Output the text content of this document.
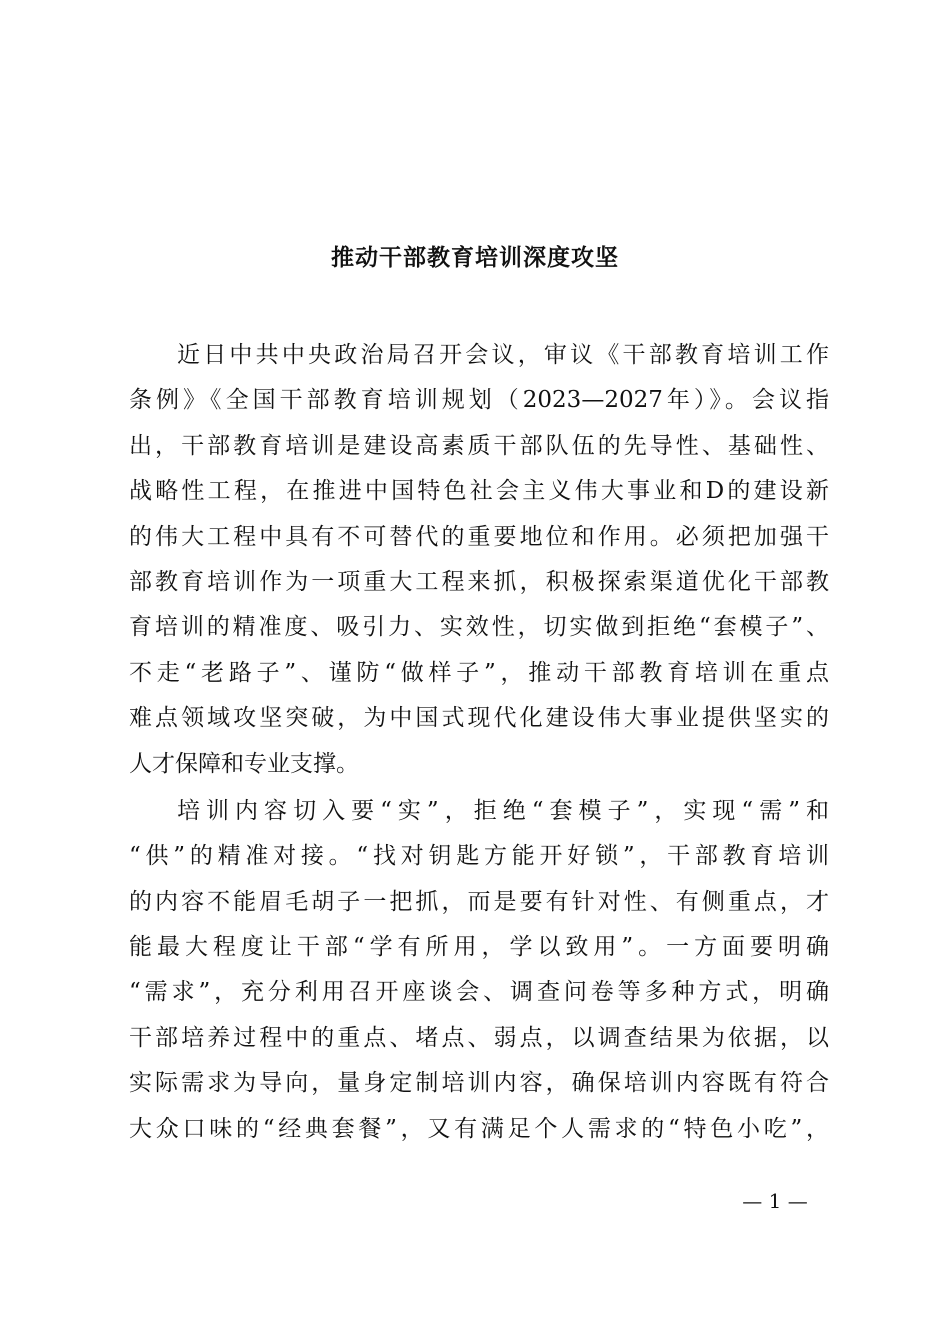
推动干部教育培训深度攻坚
近日中共中央政治局召开会议，审议《干部教育培训工作
条例》《全国干部教育培训规划（2023—2027年）》。会议指
出，干部教育培训是建设高素质干部队伍的先导性、基础性、
战略性工程，在推进中国特色社会主义伟大事业和D的建设新
的伟大工程中具有不可替代的重要地位和作用。必须把加强干
部教育培训作为一项重大工程来抓，积极探索渠道优化干部教
育培训的精准度、吸引力、实效性，切实做到拒绝“套模子”、
不走“老路子”、谨防“做样子”，推动干部教育培训在重点
难点领域攻坚突破，为中国式现代化建设伟大事业提供坚实的
人才保障和专业支撑。
培训内容切入要“实”，拒绝“套模子”，实现“需”和
“供”的精准对接。“找对钥匙方能开好锁”，干部教育培训
的内容不能眉毛胡子一把抓，而是要有针对性、有侧重点，才
能最大程度让干部“学有所用，学以致用”。一方面要明确
“需求”，充分利用召开座谈会、调查问卷等多种方式，明确
干部培养过程中的重点、堵点、弱点，以调查结果为依据，以
实际需求为导向，量身定制培训内容，确保培训内容既有符合
大众口味的“经典套餐”，又有满足个人需求的“特色小吃”，
— 1 —
